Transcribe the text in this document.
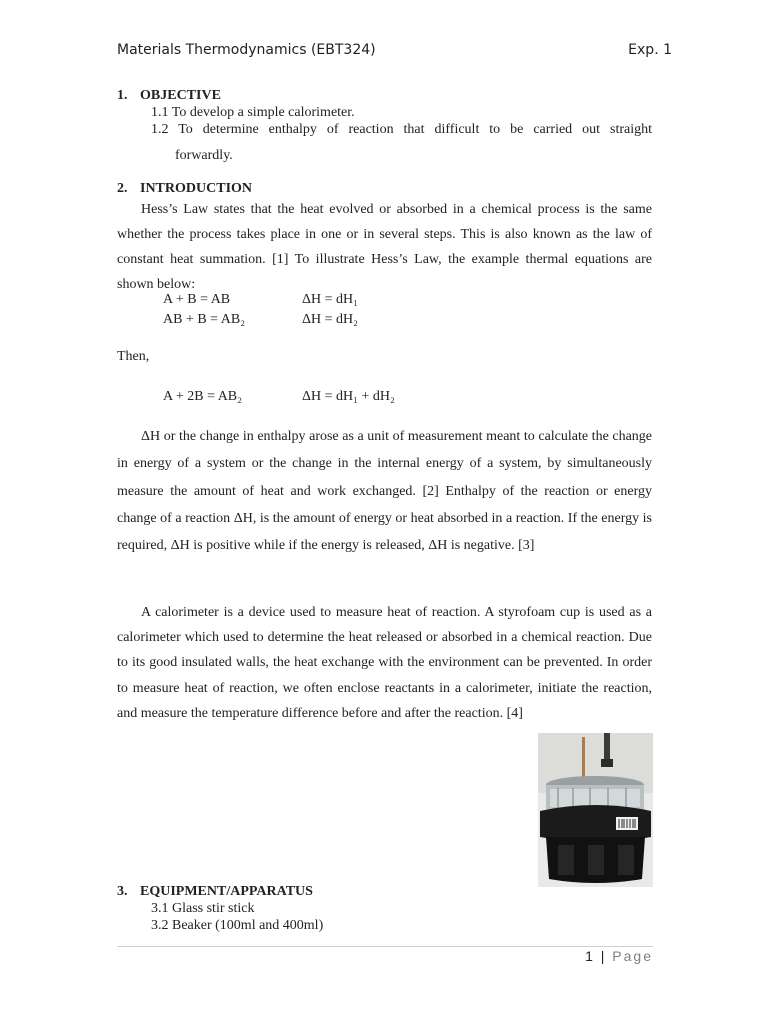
Materials Thermodynamics (EBT324)	Exp. 1
1. OBJECTIVE
1.1 To develop a simple calorimeter.
1.2 To determine enthalpy of reaction that difficult to be carried out straight
forwardly.
2. INTRODUCTION

Hess’s Law states that the heat evolved or absorbed in a chemical process is the same whether the process takes place in one or in several steps. This is also known as the law of constant heat summation. [1] To illustrate Hess’s Law, the example thermal equations are shown below:

A + B = AB	ΔH = dH₁
AB + B = AB₂	ΔH = dH₂
Then,
A + 2B = AB₂	ΔH = dH₁ + dH₂

ΔH or the change in enthalpy arose as a unit of measurement meant to calculate the change in energy of a system or the change in the internal energy of a system, by simultaneously measure the amount of heat and work exchanged. [2] Enthalpy of the reaction or energy change of a reaction ΔH, is the amount of energy or heat absorbed in a reaction. If the energy is required, ΔH is positive while if the energy is released, ΔH is negative. [3]

A calorimeter is a device used to measure heat of reaction. A styrofoam cup is used as a calorimeter which used to determine the heat released or absorbed in a chemical reaction. Due to its good insulated walls, the heat exchange with the environment can be prevented. In order to measure heat of reaction, we often enclose reactants in a calorimeter, initiate the reaction, and measure the temperature difference before and after the reaction. [4]

3. EQUIPMENT/APPARATUS
3.1 Glass stir stick
3.2 Beaker (100ml and 400ml)
1 | Page
